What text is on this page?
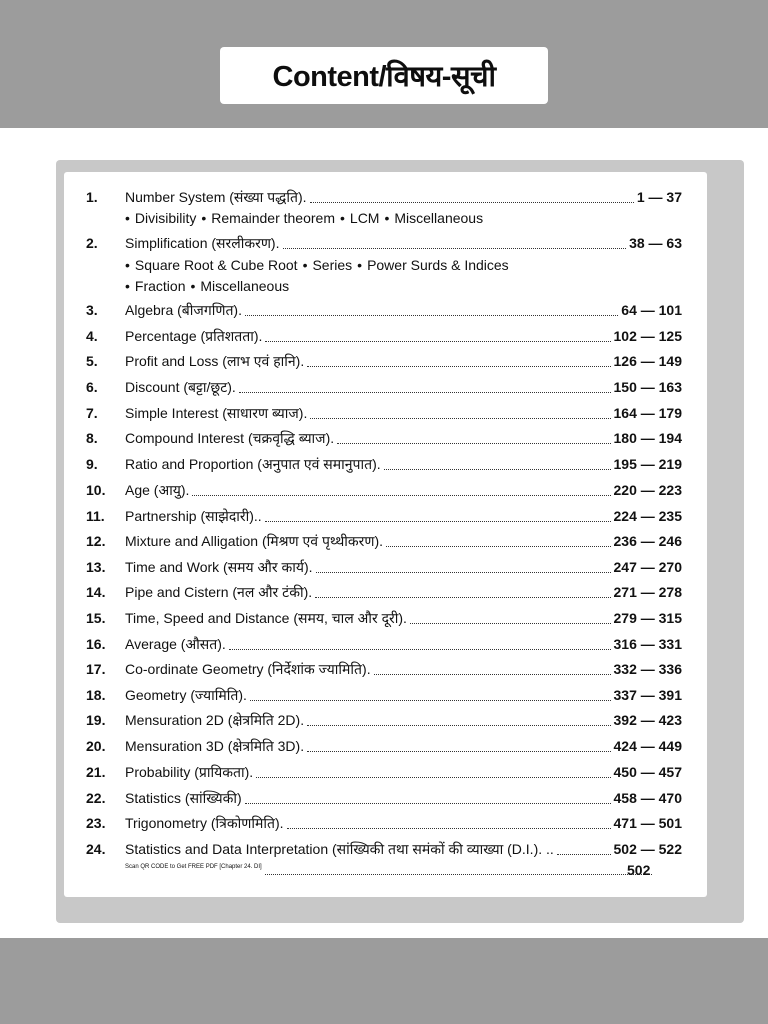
Content/विषय-सूची
1.	Number System (संख्या पद्धति).	1 — 37
• Divisibility • Remainder theorem • LCM • Miscellaneous
2.	Simplification (सरलीकरण).	38 — 63
• Square Root & Cube Root • Series • Power Surds & Indices
• Fraction • Miscellaneous
3.	Algebra (बीजगणित).	64 — 101
4.	Percentage (प्रतिशतता).	102 — 125
5.	Profit and Loss (लाभ एवं हानि).	126 — 149
6.	Discount (बट्टा/छूट).	150 — 163
7.	Simple Interest (साधारण ब्याज).	164 — 179
8.	Compound Interest (चक्रवृद्धि ब्याज).	180 — 194
9.	Ratio and Proportion (अनुपात एवं समानुपात).	195 — 219
10.	Age (आयु).	220 — 223
11.	Partnership (साझेदारी)..	224 — 235
12.	Mixture and Alligation (मिश्रण एवं पृथ्थीकरण).	236 — 246
13.	Time and Work (समय और कार्य).	247 — 270
14.	Pipe and Cistern (नल और टंकी).	271 — 278
15.	Time, Speed and Distance (समय, चाल और दूरी).	279 — 315
16.	Average (औसत).	316 — 331
17.	Co-ordinate Geometry (निर्देशांक ज्यामिति).	332 — 336
18.	Geometry (ज्यामिति).	337 — 391
19.	Mensuration 2D (क्षेत्रमिति 2D).	392 — 423
20.	Mensuration 3D (क्षेत्रमिति 3D).	424 — 449
21.	Probability (प्रायिकता).	450 — 457
22.	Statistics (सांख्यिकी)	458 — 470
23.	Trigonometry (त्रिकोणमिति).	471 — 501
24.	Statistics and Data Interpretation (सांख्यिकी तथा समंकों की व्याख्या (D.I.). ..	502 — 522
Scan QR CODE to Get FREE PDF [Chapter 24. DI]	502
